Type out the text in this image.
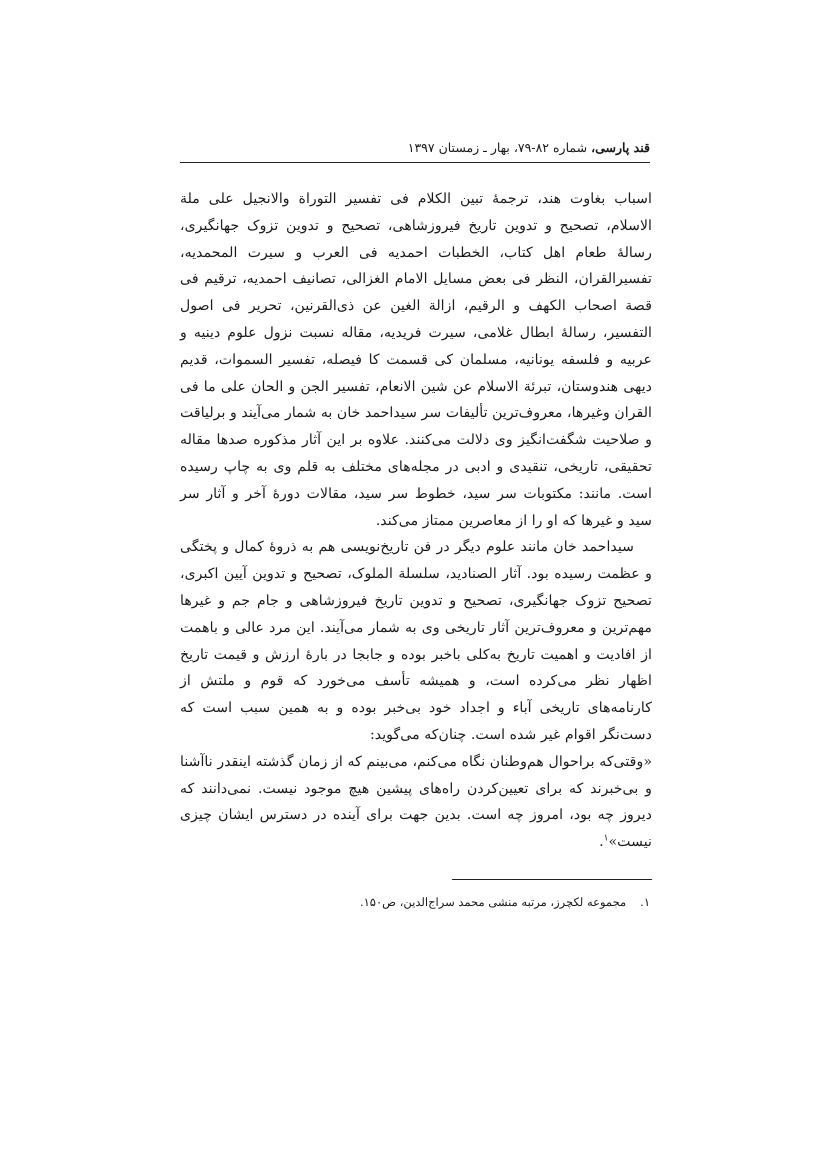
قند پارسی، شماره ۸۲-۷۹، بهار ـ زمستان ۱۳۹۷

اسباب بغاوت هند، ترجمهٔ تبین الکلام فی تفسیر التوراة والانجیل علی ملة الاسلام، تصحیح و تدوین تاریخ فیروزشاهی، تصحیح و تدوین تزوک جهانگیری، رسالهٔ طعام اهل کتاب، الخطبات احمدیه فی العرب و سیرت المحمدیه، تفسیرالقران، النظر فی بعض مسایل الامام الغزالی، تصانیف احمدیه، ترقیم فی قصة اصحاب الکهف و الرقیم، ازالة الغین عن ذی‌القرنین، تحریر فی اصول التفسیر، رسالهٔ ابطال غلامی، سیرت فریدیه، مقاله نسبت نزول علوم دینیه و عربیه و فلسفه یونانیه، مسلمان کی قسمت کا فیصله، تفسیر السموات، قدیم دیهی هندوستان، تبرئة الاسلام عن شین الانعام، تفسیر الجن و الحان علی ما فی القران وغیرها، معروف‌ترین تألیفات سر سیداحمد خان به شمار می‌آیند و برلیاقت و صلاحیت شگفت‌انگیز وی دلالت می‌کنند. علاوه بر این آثار مذکوره صدها مقاله تحقیقی، تاریخی، تنقیدی و ادبی در مجله‌های مختلف به قلم وی به چاپ رسیده است. مانند: مکتوبات سر سید، خطوط سر سید، مقالات دورهٔ آخر و آثار سر سید و غیرها که او را از معاصرین ممتاز می‌کند.

سیداحمد خان مانند علوم دیگر در فن تاریخ‌نویسی هم به ذروهٔ کمال و پختگی و عظمت رسیده بود. آثار الصنادید، سلسلة الملوک، تصحیح و تدوین آیین اکبری، تصحیح تزوک جهانگیری، تصحیح و تدوین تاریخ فیروزشاهی و جام جم و غیرها مهم‌ترین و معروف‌ترین آثار تاریخی وی به شمار می‌آیند. این مرد عالی و باهمت از افادیت و اهمیت تاریخ به‌کلی باخبر بوده و جابجا در بارهٔ ارزش و قیمت تاریخ اظهار نظر می‌کرده است، و همیشه تأسف می‌خورد که قوم و ملتش از کارنامه‌های تاریخی آباء و اجداد خود بی‌خبر بوده و به همین سبب است که دست‌نگر اقوام غیر شده است. چنان‌که می‌گوید:

«وقتی‌که براحوال هم‌وطنان نگاه می‌کنم، می‌بینم که از زمان گذشته اینقدر ناآشنا و بی‌خبرند که برای تعیین‌کردن راه‌های پیشین هیچ موجود نیست. نمی‌دانند که دیروز چه بود، امروز چه است. بدین جهت برای آینده در دسترس ایشان چیزی نیست»$^۱$.

۱.مجموعه لکچرز، مرتبه منشی محمد سراج‌الدین، ص۱۵۰.
